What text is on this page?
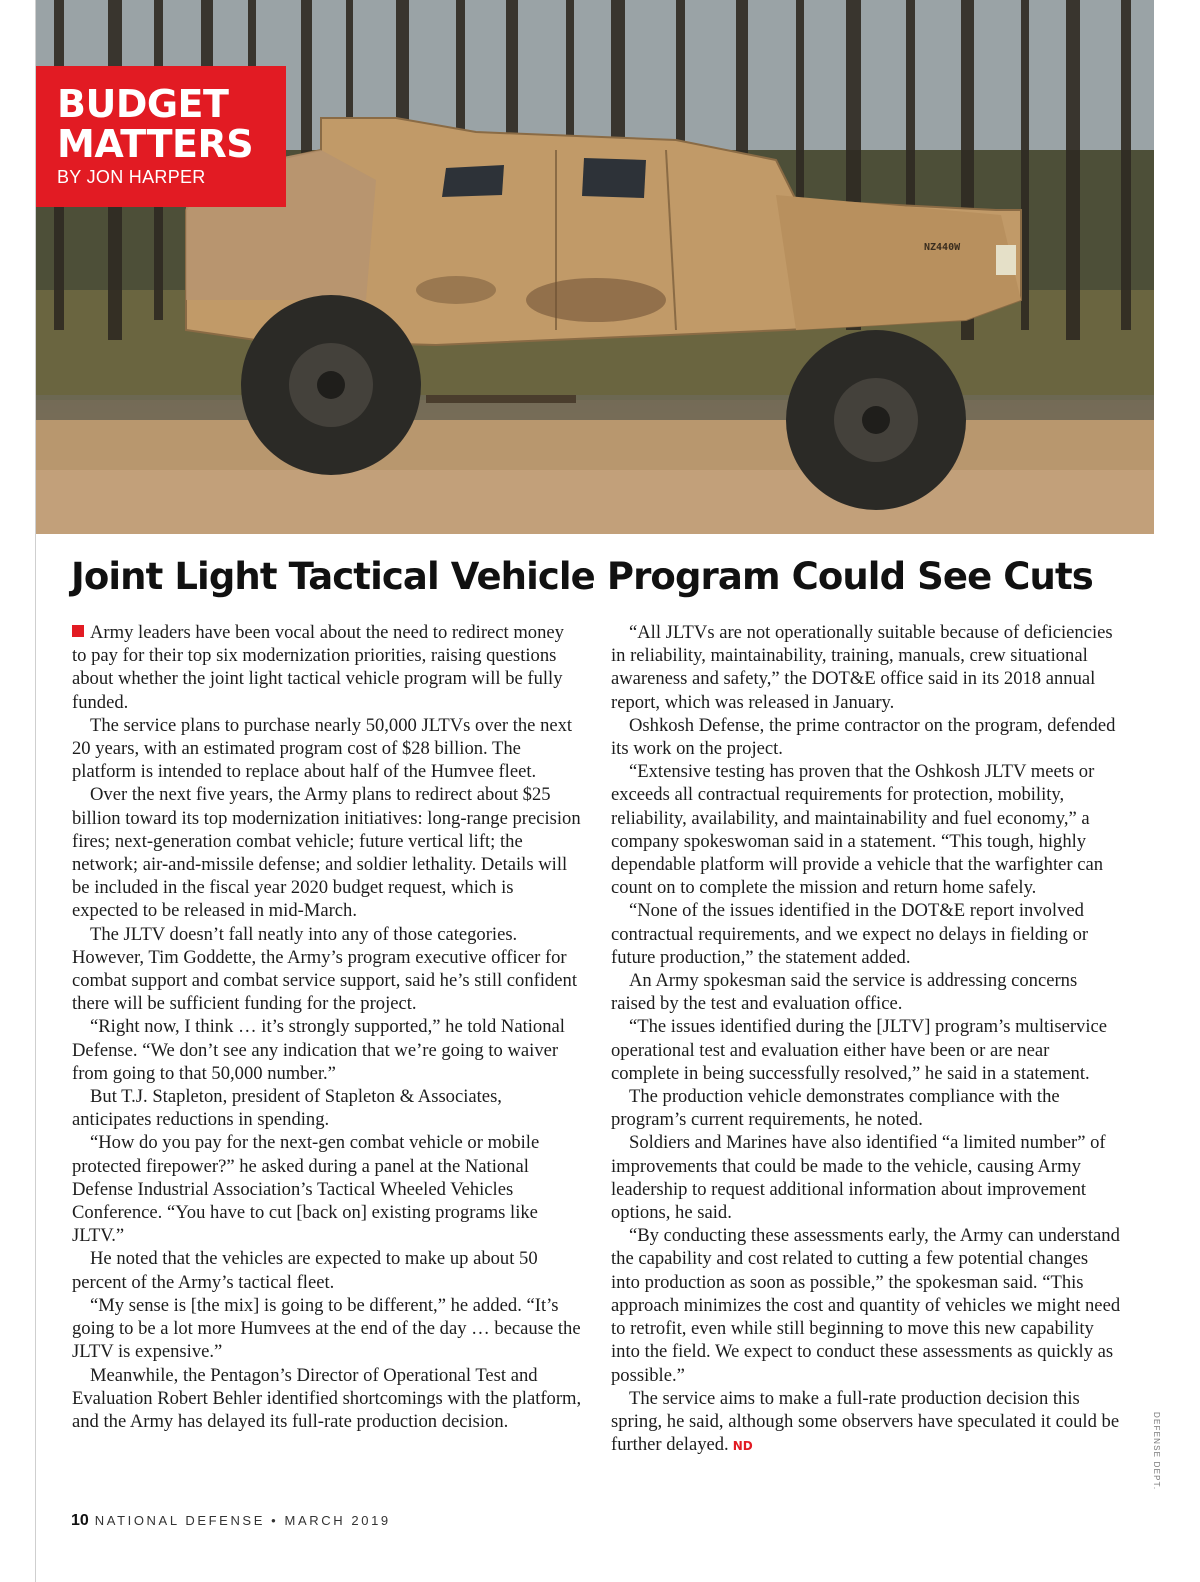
NZ440W
BUDGET
MATTERS
BY JON HARPER
Joint Light Tactical Vehicle Program Could See Cuts

Army leaders have been vocal about the need to redirect money to pay for their top six modernization priorities, raising questions about whether the joint light tactical vehicle program will be fully funded.

The service plans to purchase nearly 50,000 JLTVs over the next 20 years, with an estimated program cost of $28 billion. The platform is intended to replace about half of the Humvee fleet.

Over the next five years, the Army plans to redirect about $25 billion toward its top modernization initiatives: long-range precision fires; next-generation combat vehicle; future vertical lift; the network; air-and-missile defense; and soldier lethality. Details will be included in the fiscal year 2020 budget request, which is expected to be released in mid-March.

The JLTV doesn’t fall neatly into any of those categories. However, Tim Goddette, the Army’s program executive officer for combat support and combat service support, said he’s still confident there will be sufficient funding for the project.

“Right now, I think … it’s strongly supported,” he told National Defense. “We don’t see any indication that we’re going to waiver from going to that 50,000 number.”

But T.J. Stapleton, president of Stapleton & Associates, anticipates reductions in spending.

“How do you pay for the next-gen combat vehicle or mobile protected firepower?” he asked during a panel at the National Defense Industrial Association’s Tactical Wheeled Vehicles Conference. “You have to cut [back on] existing programs like JLTV.”

He noted that the vehicles are expected to make up about 50 percent of the Army’s tactical fleet.

“My sense is [the mix] is going to be different,” he added. “It’s going to be a lot more Humvees at the end of the day … because the JLTV is expensive.”

Meanwhile, the Pentagon’s Director of Operational Test and Evaluation Robert Behler identified shortcomings with the platform, and the Army has delayed its full-rate production decision.

“All JLTVs are not operationally suitable because of deficiencies in reliability, maintainability, training, manuals, crew situational awareness and safety,” the DOT&E office said in its 2018 annual report, which was released in January.

Oshkosh Defense, the prime contractor on the program, defended its work on the project.

“Extensive testing has proven that the Oshkosh JLTV meets or exceeds all contractual requirements for protection, mobility, reliability, availability, and maintainability and fuel economy,” a company spokeswoman said in a statement. “This tough, highly dependable platform will provide a vehicle that the warfighter can count on to complete the mission and return home safely.

“None of the issues identified in the DOT&E report involved contractual requirements, and we expect no delays in fielding or future production,” the statement added.

An Army spokesman said the service is addressing concerns raised by the test and evaluation office.

“The issues identified during the [JLTV] program’s multiservice operational test and evaluation either have been or are near complete in being successfully resolved,” he said in a statement.

The production vehicle demonstrates compliance with the program’s current requirements, he noted.

Soldiers and Marines have also identified “a limited number” of improvements that could be made to the vehicle, causing Army leadership to request additional information about improvement options, he said.

“By conducting these assessments early, the Army can understand the capability and cost related to cutting a few potential changes into production as soon as possible,” the spokesman said. “This approach minimizes the cost and quantity of vehicles we might need to retrofit, even while still beginning to move this new capability into the field. We expect to conduct these assessments as quickly as possible.”

The service aims to make a full-rate production decision this spring, he said, although some observers have speculated it could be further delayed. ND	DEFENSE DEPT.
10 NATIONAL DEFENSE • MARCH 2019
